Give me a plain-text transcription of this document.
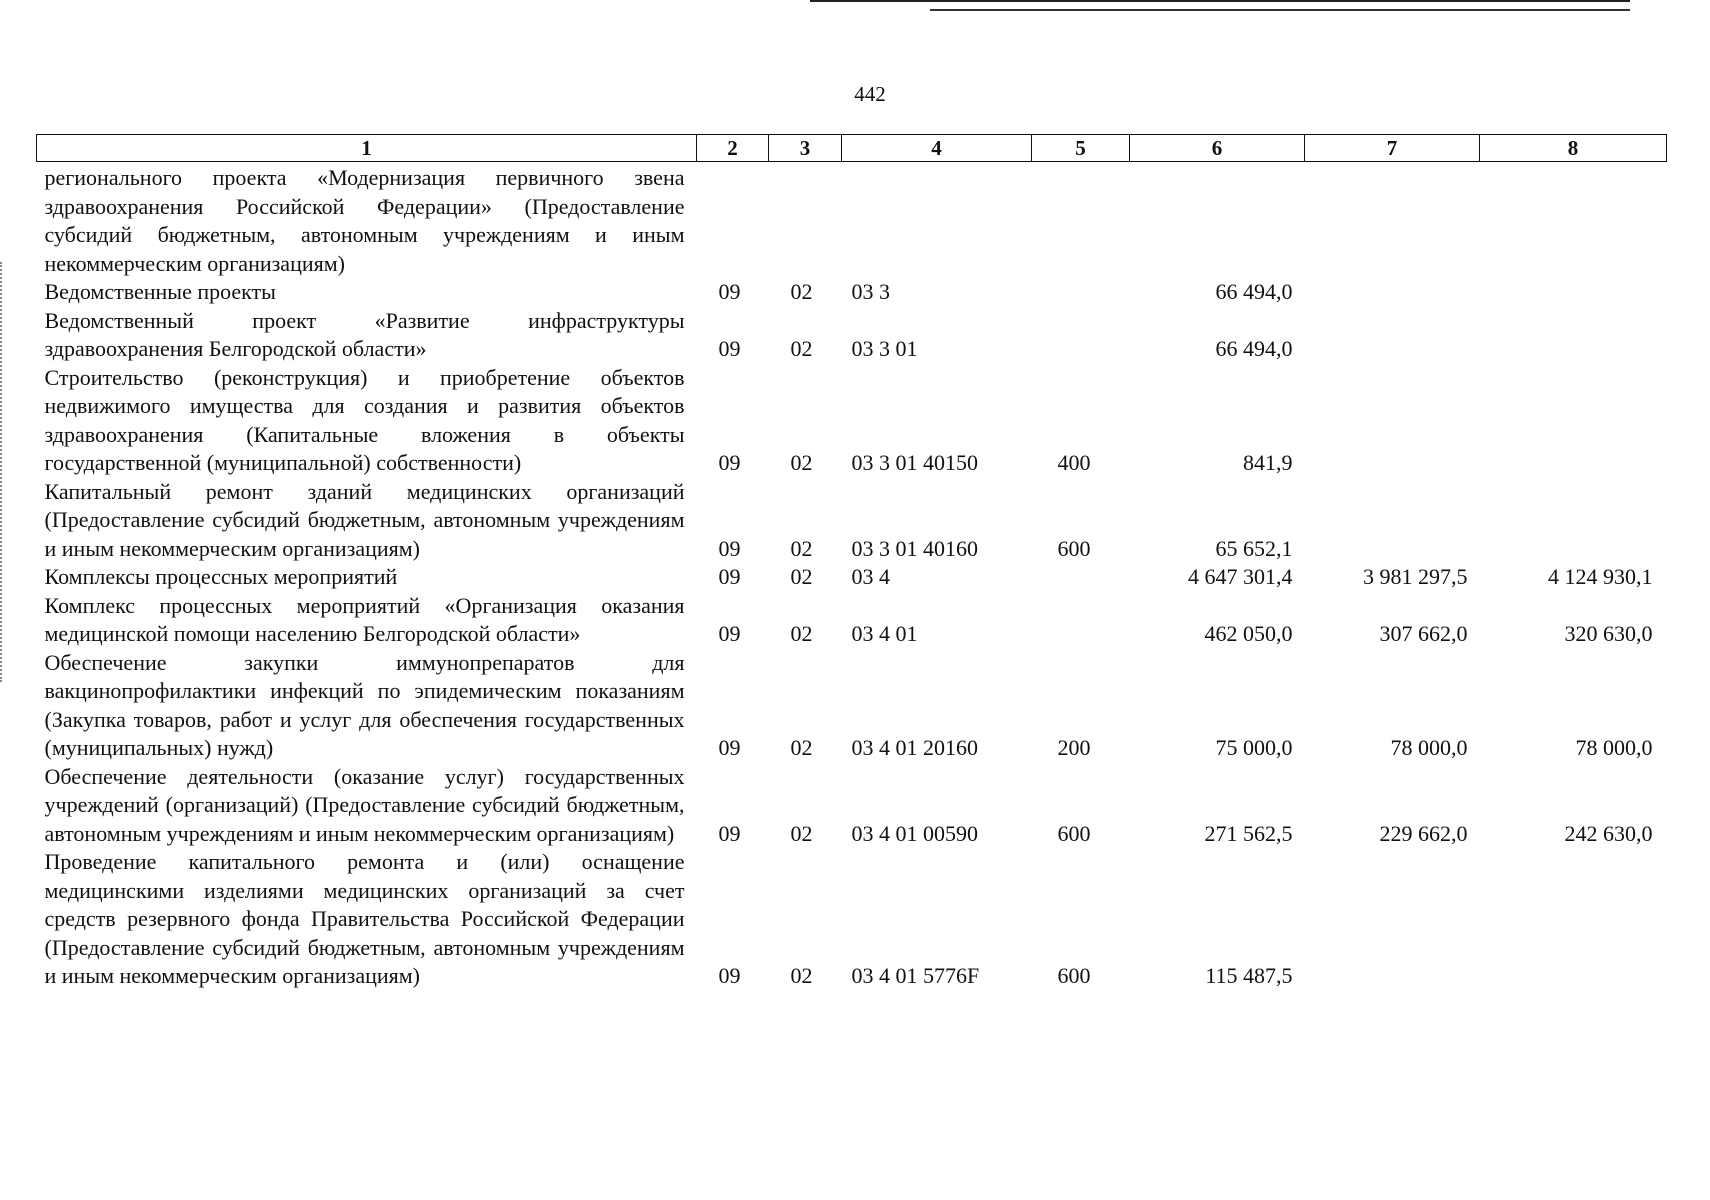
442
1	2	3	4	5	6	7	8
регионального проекта «Модернизация первичного звена здравоохранения Российской Федерации» (Предоставление субсидий бюджетным, автономным учреждениям и иным некоммерческим организациям)							
Ведомственные проекты	09	02	03 3		66 494,0		
Ведомственный проект «Развитие инфраструктуры здравоохранения Белгородской области»	09	02	03 3 01		66 494,0		
Строительство (реконструкция) и приобретение объектов недвижимого имущества для создания и развития объектов здравоохранения (Капитальные вложения в объекты государственной (муниципальной) собственности)	09	02	03 3 01 40150	400	841,9		
Капитальный ремонт зданий медицинских организаций (Предоставление субсидий бюджетным, автономным учреждениям и иным некоммерческим организациям)	09	02	03 3 01 40160	600	65 652,1		
Комплексы процессных мероприятий	09	02	03 4		4 647 301,4	3 981 297,5	4 124 930,1
Комплекс процессных мероприятий «Организация оказания медицинской помощи населению Белгородской области»	09	02	03 4 01		462 050,0	307 662,0	320 630,0
Обеспечение закупки иммунопрепаратов для вакцинопрофилактики инфекций по эпидемическим показаниям (Закупка товаров, работ и услуг для обеспечения государственных (муниципальных) нужд)	09	02	03 4 01 20160	200	75 000,0	78 000,0	78 000,0
Обеспечение деятельности (оказание услуг) государственных учреждений (организаций) (Предоставление субсидий бюджетным, автономным учреждениям и иным некоммерческим организациям)	09	02	03 4 01 00590	600	271 562,5	229 662,0	242 630,0
Проведение капитального ремонта и (или) оснащение медицинскими изделиями медицинских организаций за счет средств резервного фонда Правительства Российской Федерации (Предоставление субсидий бюджетным, автономным учреждениям и иным некоммерческим организациям)	09	02	03 4 01 5776F	600	115 487,5		
